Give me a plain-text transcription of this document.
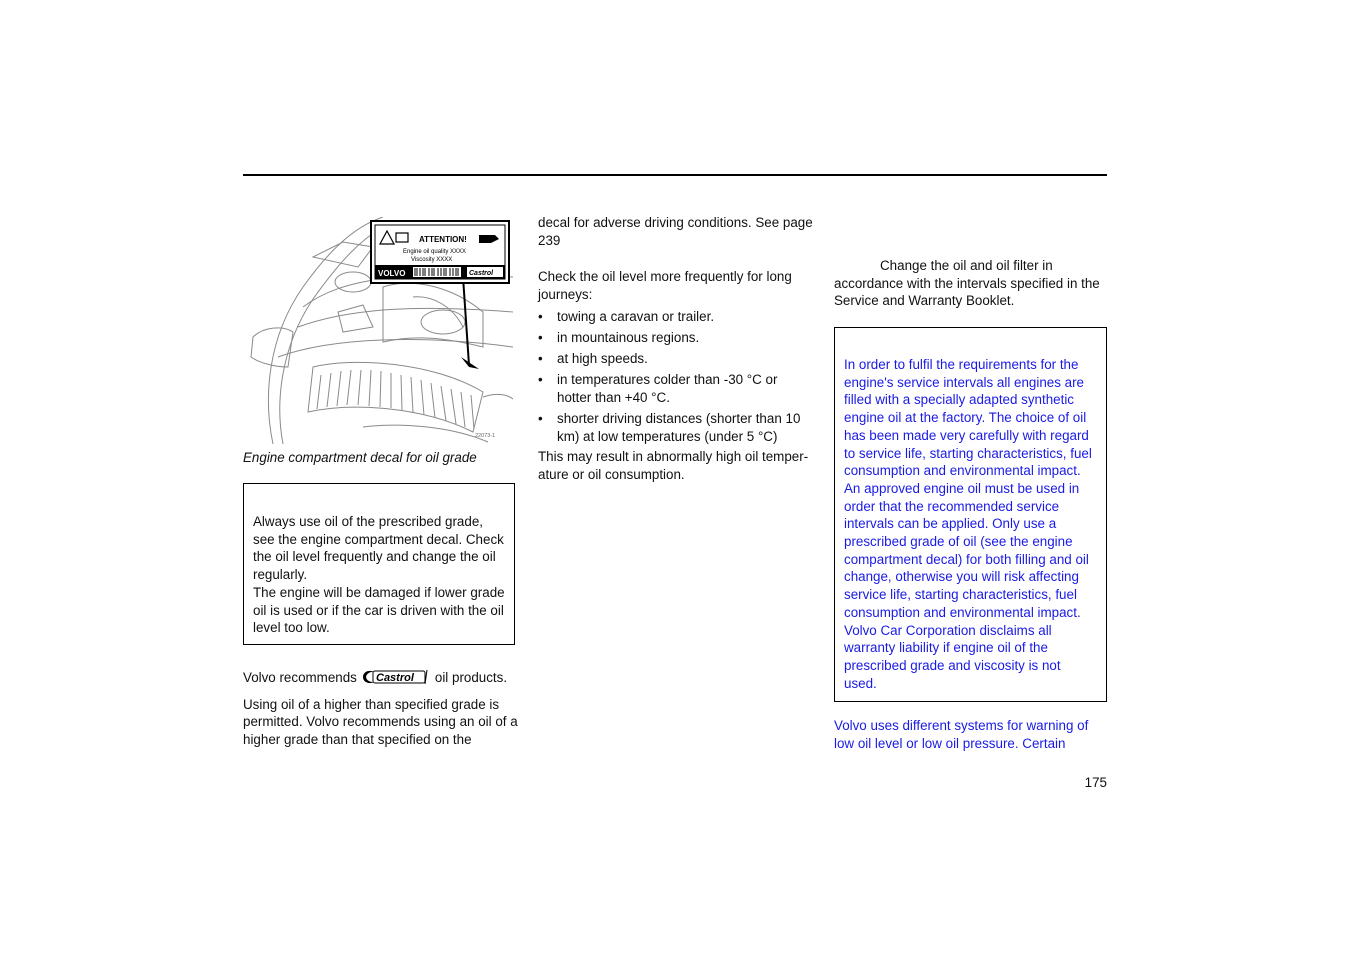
ATTENTION!
Engine oil quality XXXX
Viscosity XXXX
VOLVO	Castrol
22073-1
Engine compartment decal for oil grade

Always use oil of the prescribed grade, see the engine compartment decal. Check the oil level frequently and change the oil regularly.

The engine will be damaged if lower grade oil is used or if the car is driven with the oil level too low.

Volvo recommends Castrol oil products.

Using oil of a higher than specified grade is permitted. Volvo recommends using an oil of a higher grade than that specified on the

decal for adverse driving conditions. See page 239

Check the oil level more frequently for long journeys:

• towing a caravan or trailer.
• in mountainous regions.
• at high speeds.
• in temperatures colder than -30 °C or hotter than +40 °C.
• shorter driving distances (shorter than 10 km) at low temperatures (under 5 °C)

This may result in abnormally high oil temper-ature or oil consumption.

Change the oil and oil filter in accordance with the intervals specified in the Service and Warranty Booklet.

In order to fulfil the requirements for the engine's service intervals all engines are filled with a specially adapted synthetic engine oil at the factory. The choice of oil has been made very carefully with regard to service life, starting characteristics, fuel consumption and environmental impact. An approved engine oil must be used in order that the recommended service intervals can be applied. Only use a prescribed grade of oil (see the engine compartment decal) for both filling and oil change, otherwise you will risk affecting service life, starting characteristics, fuel consumption and environmental impact. Volvo Car Corporation disclaims all warranty liability if engine oil of the prescribed grade and viscosity is not used.

Volvo uses different systems for warning of low oil level or low oil pressure. Certain
175
